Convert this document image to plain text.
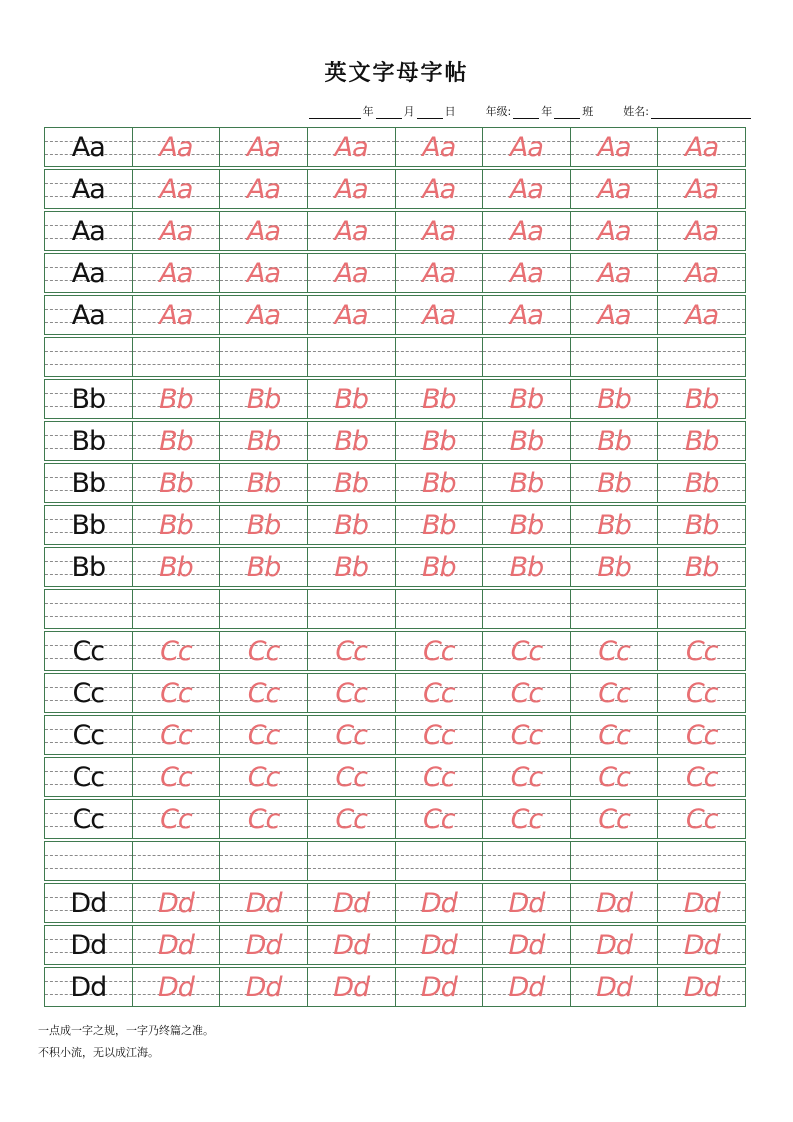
英文字母字帖
年	月	日	年级:	年	班	姓名:
Aa	Aa	Aa	Aa	Aa	Aa	Aa	Aa
Aa	Aa	Aa	Aa	Aa	Aa	Aa	Aa
Aa	Aa	Aa	Aa	Aa	Aa	Aa	Aa
Aa	Aa	Aa	Aa	Aa	Aa	Aa	Aa
Aa	Aa	Aa	Aa	Aa	Aa	Aa	Aa
Bb	Bb	Bb	Bb	Bb	Bb	Bb	Bb
Bb	Bb	Bb	Bb	Bb	Bb	Bb	Bb
Bb	Bb	Bb	Bb	Bb	Bb	Bb	Bb
Bb	Bb	Bb	Bb	Bb	Bb	Bb	Bb
Bb	Bb	Bb	Bb	Bb	Bb	Bb	Bb
Cc	Cc	Cc	Cc	Cc	Cc	Cc	Cc
Cc	Cc	Cc	Cc	Cc	Cc	Cc	Cc
Cc	Cc	Cc	Cc	Cc	Cc	Cc	Cc
Cc	Cc	Cc	Cc	Cc	Cc	Cc	Cc
Cc	Cc	Cc	Cc	Cc	Cc	Cc	Cc
Dd	Dd	Dd	Dd	Dd	Dd	Dd	Dd
Dd	Dd	Dd	Dd	Dd	Dd	Dd	Dd
Dd	Dd	Dd	Dd	Dd	Dd	Dd	Dd
一点成一字之规，一字乃终篇之准。
不积小流，无以成江海。
